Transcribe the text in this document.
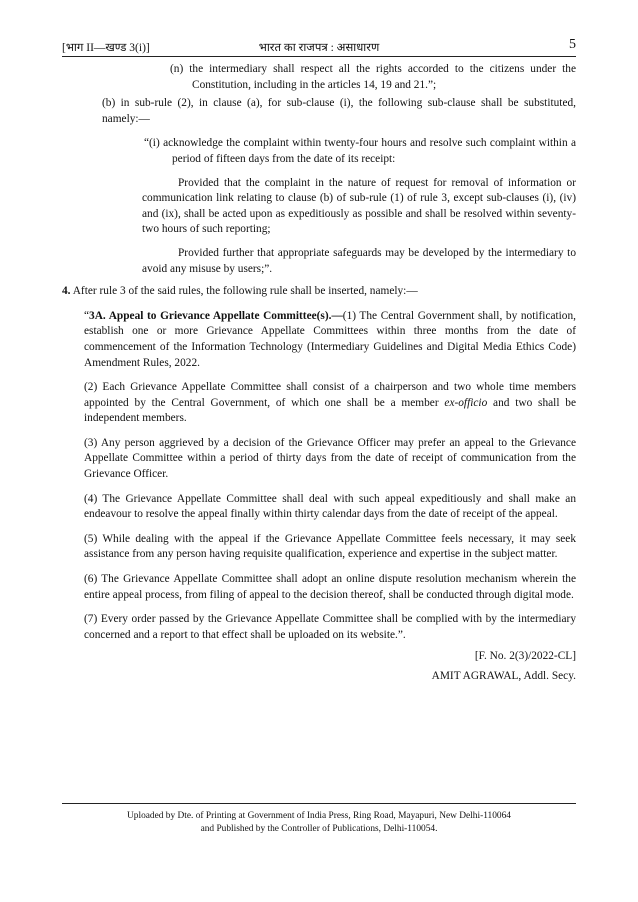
[भाग II—खण्ड 3(i)]	भारत का राजपत्र : असाधारण	5

(n) the intermediary shall respect all the rights accorded to the citizens under the Constitution, including in the articles 14, 19 and 21.”;

(b) in sub-rule (2), in clause (a), for sub-clause (i), the following sub-clause shall be substituted, namely:—

“(i) acknowledge the complaint within twenty-four hours and resolve such complaint within a period of fifteen days from the date of its receipt:

Provided that the complaint in the nature of request for removal of information or communication link relating to clause (b) of sub-rule (1) of rule 3, except sub-clauses (i), (iv) and (ix), shall be acted upon as expeditiously as possible and shall be resolved within seventy-two hours of such reporting;

Provided further that appropriate safeguards may be developed by the intermediary to avoid any misuse by users;”.

4. After rule 3 of the said rules, the following rule shall be inserted, namely:—

“3A. Appeal to Grievance Appellate Committee(s).—(1) The Central Government shall, by notification, establish one or more Grievance Appellate Committees within three months from the date of commencement of the Information Technology (Intermediary Guidelines and Digital Media Ethics Code) Amendment Rules, 2022.

(2) Each Grievance Appellate Committee shall consist of a chairperson and two whole time members appointed by the Central Government, of which one shall be a member ex-officio and two shall be independent members.

(3) Any person aggrieved by a decision of the Grievance Officer may prefer an appeal to the Grievance Appellate Committee within a period of thirty days from the date of receipt of communication from the Grievance Officer.

(4) The Grievance Appellate Committee shall deal with such appeal expeditiously and shall make an endeavour to resolve the appeal finally within thirty calendar days from the date of receipt of the appeal.

(5) While dealing with the appeal if the Grievance Appellate Committee feels necessary, it may seek assistance from any person having requisite qualification, experience and expertise in the subject matter.

(6) The Grievance Appellate Committee shall adopt an online dispute resolution mechanism wherein the entire appeal process, from filing of appeal to the decision thereof, shall be conducted through digital mode.

(7) Every order passed by the Grievance Appellate Committee shall be complied with by the intermediary concerned and a report to that effect shall be uploaded on its website.”.

[F. No. 2(3)/2022-CL]

AMIT AGRAWAL, Addl. Secy.

Uploaded by Dte. of Printing at Government of India Press, Ring Road, Mayapuri, New Delhi-110064
and Published by the Controller of Publications, Delhi-110054.
